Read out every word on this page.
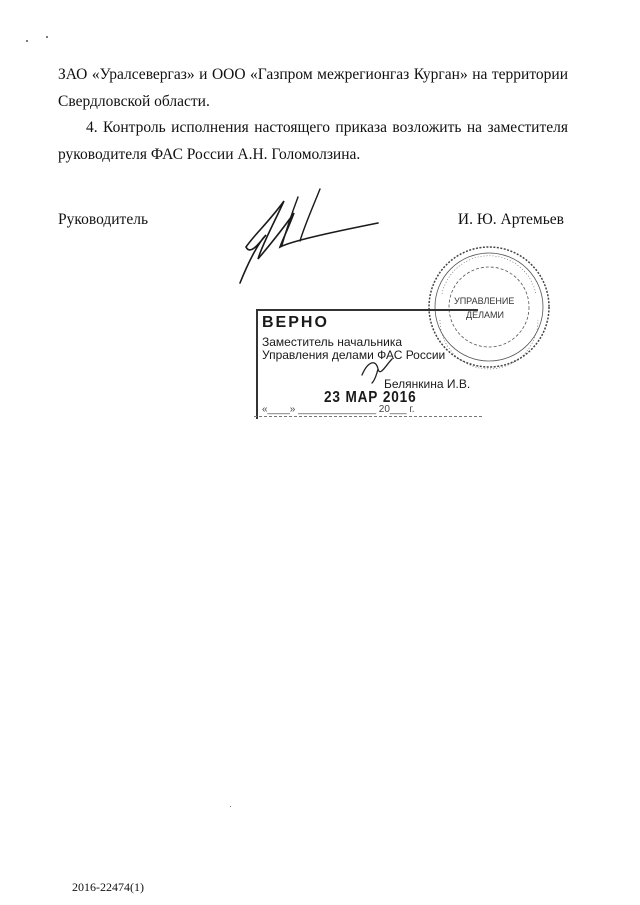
ЗАО «Уралсевергаз» и ООО «Газпром межрегионгаз Курган» на территории
Свердловской области.
4. Контроль исполнения настоящего приказа возложить на заместителя
руководителя ФАС России А.Н. Голомолзина.
Руководитель	И. Ю. Артемьев
УПРАВЛЕНИЕ
ДЕЛАМИ
ВЕРНО
Заместитель начальника
Управления делами ФАС России
Белянкина И.В.
23 МАР 2016
«____» ______________ 20___ г.
2016-22474(1)
